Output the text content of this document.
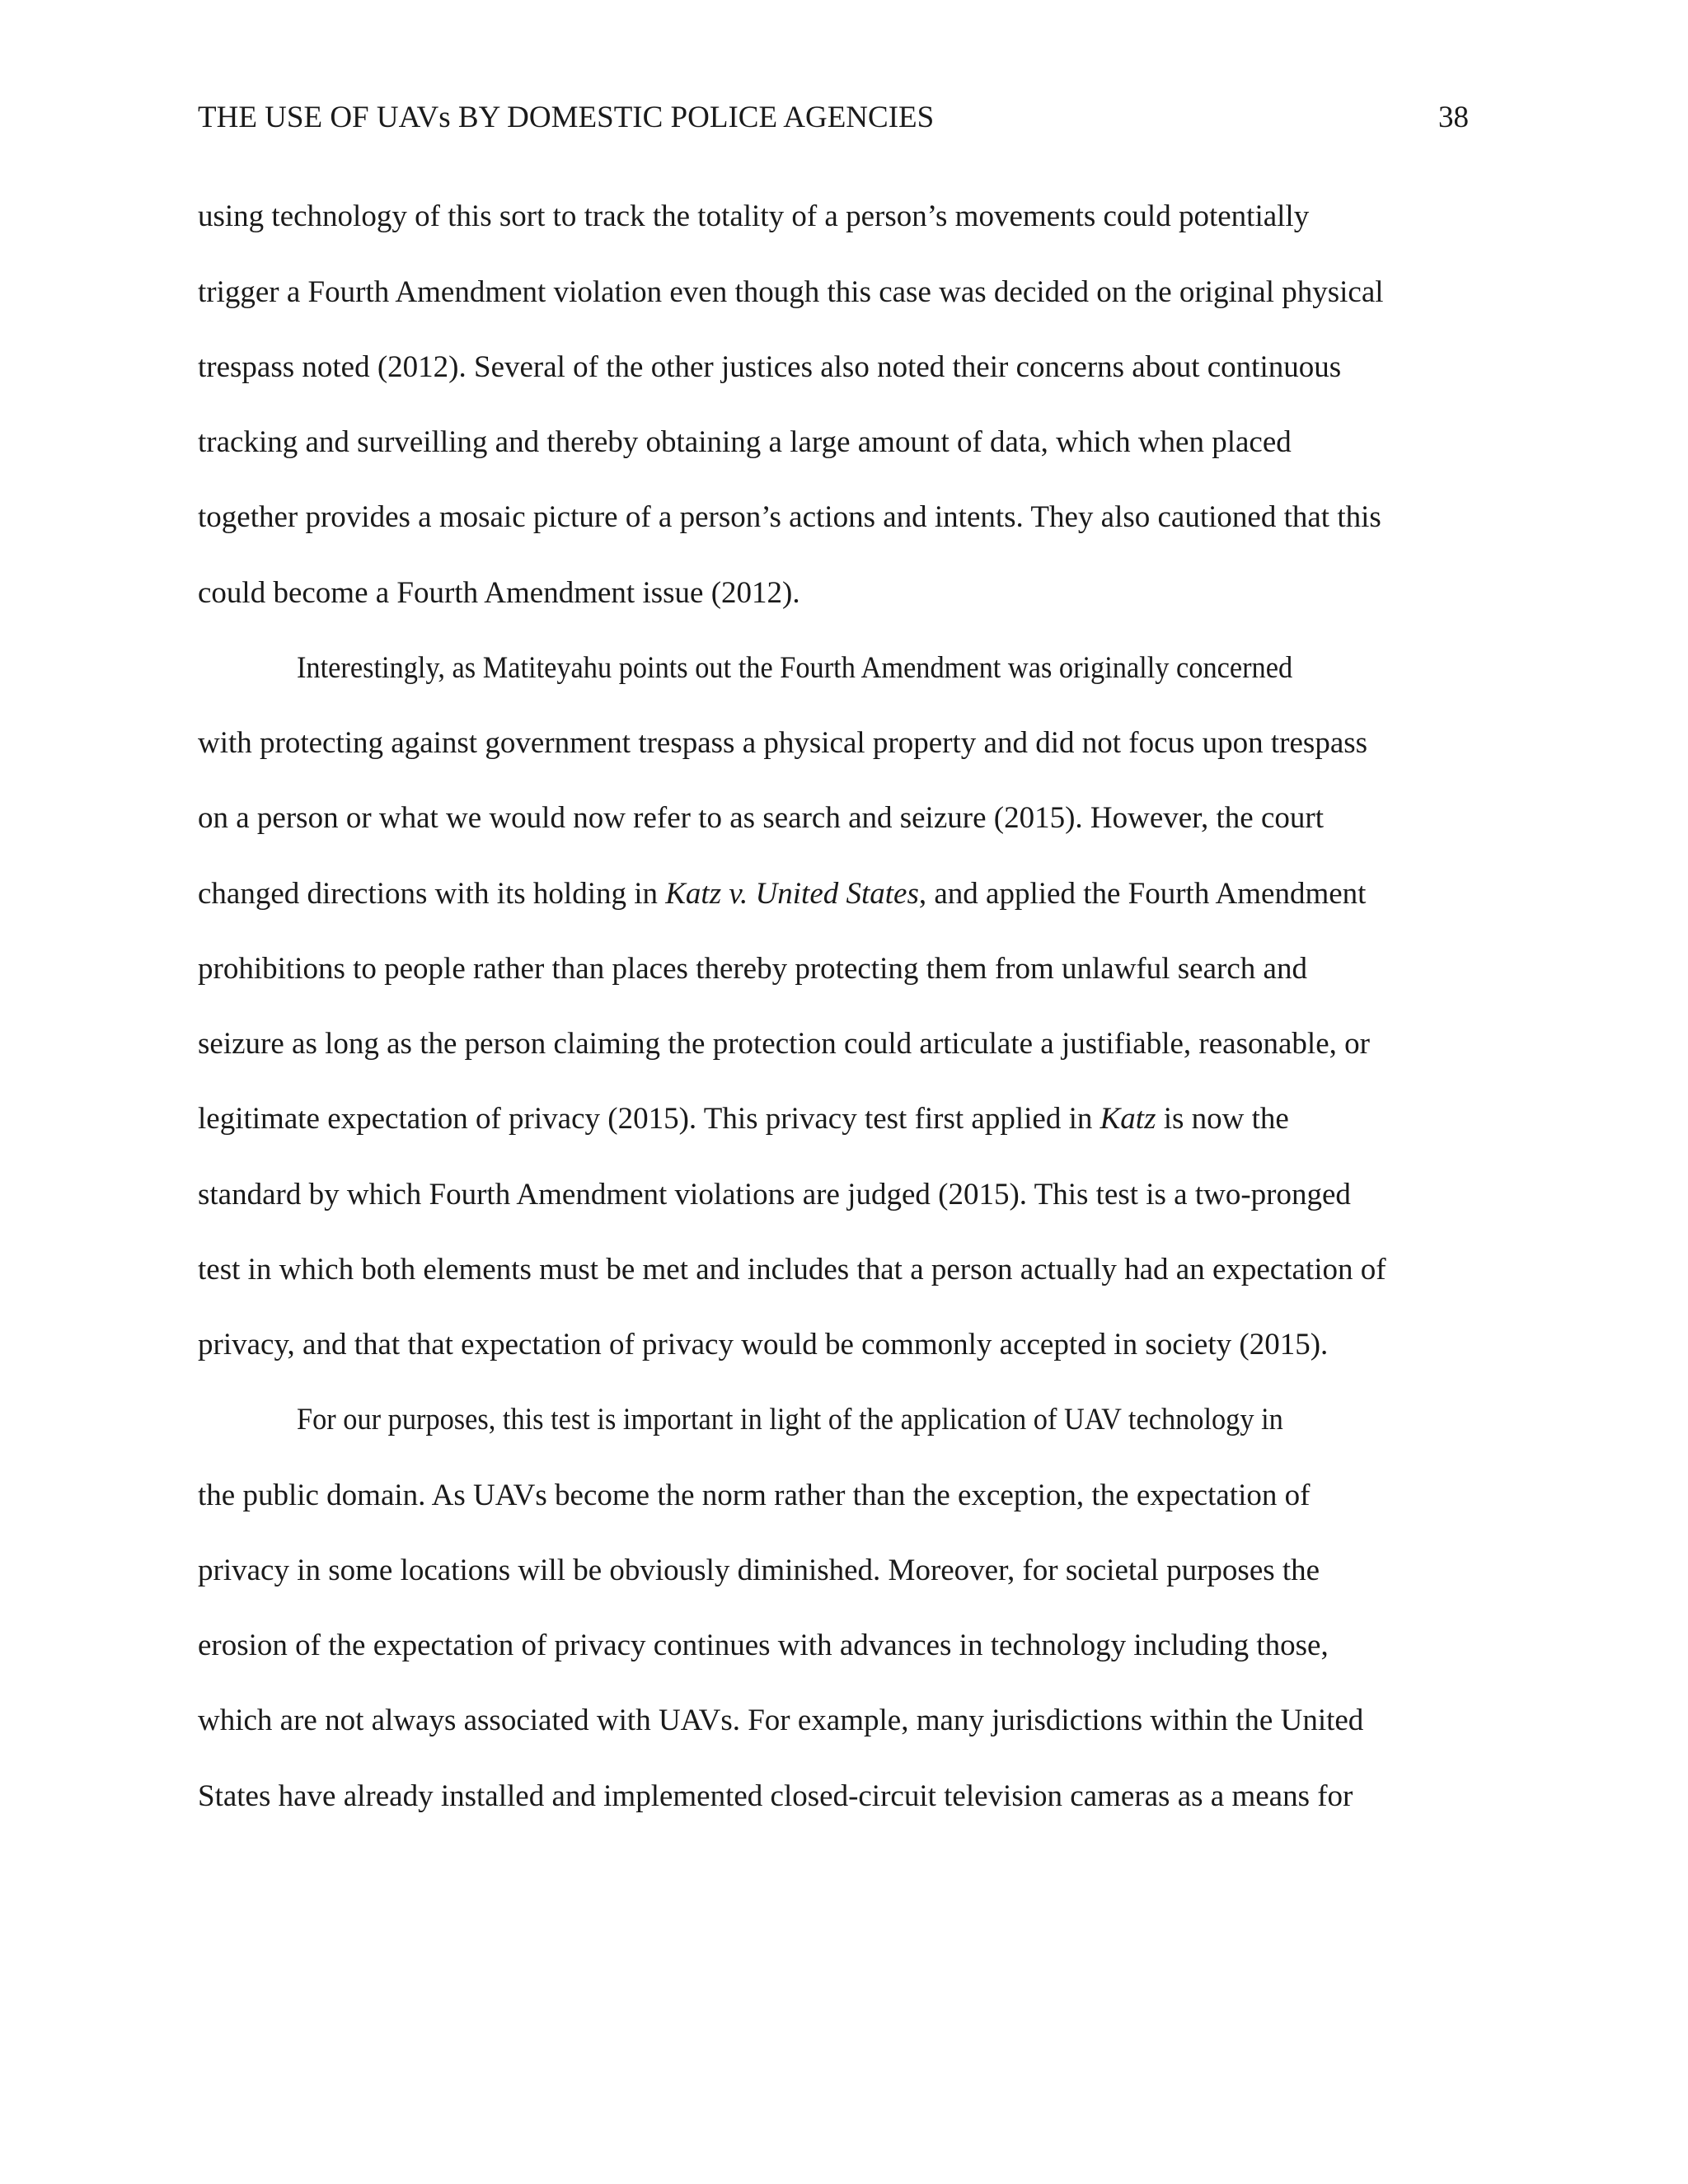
THE USE OF UAVs BY DOMESTIC POLICE AGENCIES	38
using technology of this sort to track the totality of a person’s movements could potentially
trigger a Fourth Amendment violation even though this case was decided on the original physical
trespass noted (2012). Several of the other justices also noted their concerns about continuous
tracking and surveilling and thereby obtaining a large amount of data, which when placed
together provides a mosaic picture of a person’s actions and intents. They also cautioned that this
could become a Fourth Amendment issue (2012).
Interestingly, as Matiteyahu points out the Fourth Amendment was originally concerned
with protecting against government trespass a physical property and did not focus upon trespass
on a person or what we would now refer to as search and seizure (2015). However, the court
changed directions with its holding in Katz v. United States, and applied the Fourth Amendment
prohibitions to people rather than places thereby protecting them from unlawful search and
seizure as long as the person claiming the protection could articulate a justifiable, reasonable, or
legitimate expectation of privacy (2015). This privacy test first applied in Katz is now the
standard by which Fourth Amendment violations are judged (2015). This test is a two-pronged
test in which both elements must be met and includes that a person actually had an expectation of
privacy, and that that expectation of privacy would be commonly accepted in society (2015).
For our purposes, this test is important in light of the application of UAV technology in
the public domain. As UAVs become the norm rather than the exception, the expectation of
privacy in some locations will be obviously diminished. Moreover, for societal purposes the
erosion of the expectation of privacy continues with advances in technology including those,
which are not always associated with UAVs. For example, many jurisdictions within the United
States have already installed and implemented closed-circuit television cameras as a means for
